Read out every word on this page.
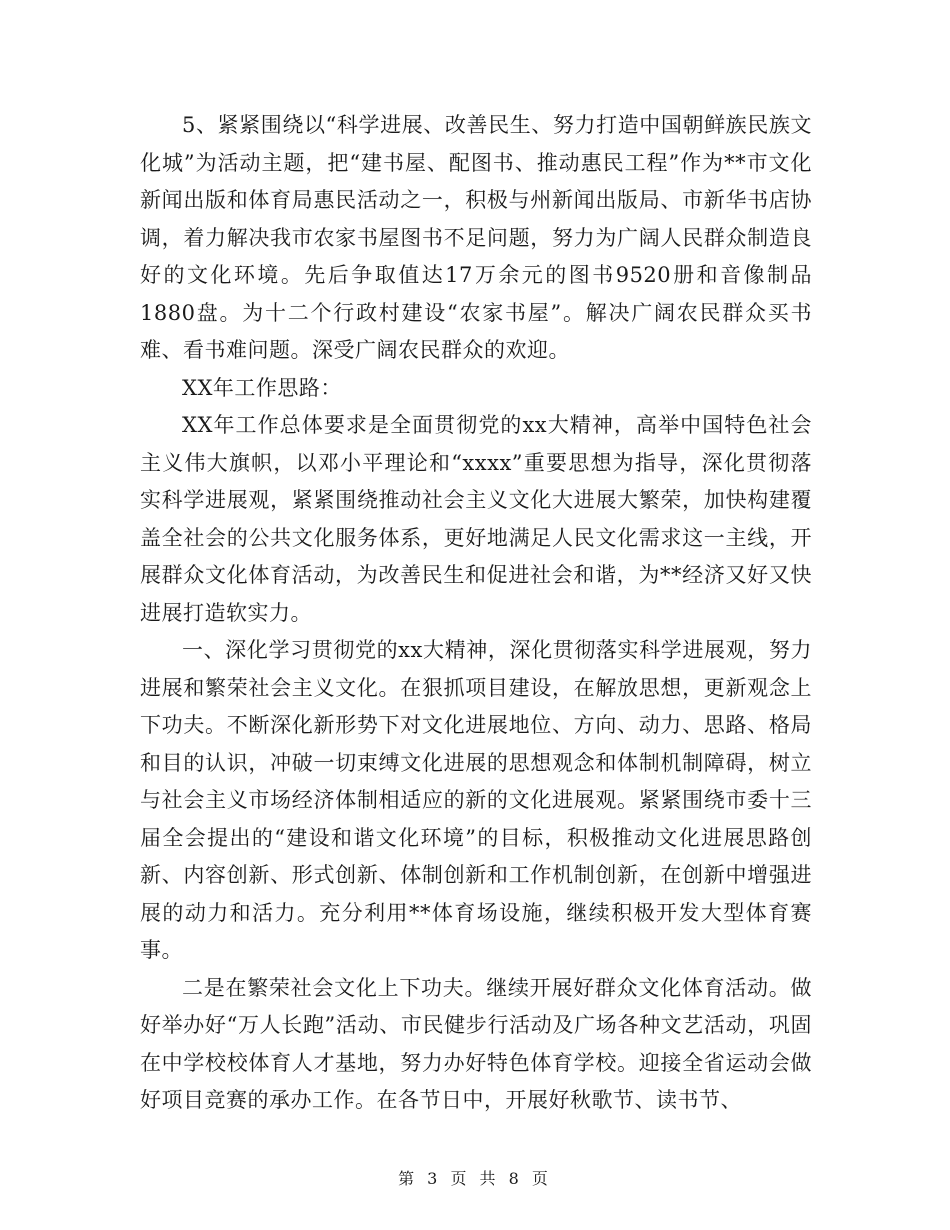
5、紧紧围绕以“科学进展、改善民生、努力打造中国朝鲜族民族文化城”为活动主题，把“建书屋、配图书、推动惠民工程”作为**市文化新闻出版和体育局惠民活动之一，积极与州新闻出版局、市新华书店协调，着力解决我市农家书屋图书不足问题，努力为广阔人民群众制造良好的文化环境。先后争取值达17万余元的图书9520册和音像制品1880盘。为十二个行政村建设“农家书屋”。解决广阔农民群众买书难、看书难问题。深受广阔农民群众的欢迎。

XX年工作思路：

XX年工作总体要求是全面贯彻党的xx大精神，高举中国特色社会主义伟大旗帜，以邓小平理论和“xxxx”重要思想为指导，深化贯彻落实科学进展观，紧紧围绕推动社会主义文化大进展大繁荣，加快构建覆盖全社会的公共文化服务体系，更好地满足人民文化需求这一主线，开展群众文化体育活动，为改善民生和促进社会和谐，为**经济又好又快进展打造软实力。

一、深化学习贯彻党的xx大精神，深化贯彻落实科学进展观，努力进展和繁荣社会主义文化。在狠抓项目建设，在解放思想，更新观念上下功夫。不断深化新形势下对文化进展地位、方向、动力、思路、格局和目的认识，冲破一切束缚文化进展的思想观念和体制机制障碍，树立与社会主义市场经济体制相适应的新的文化进展观。紧紧围绕市委十三届全会提出的“建设和谐文化环境”的目标，积极推动文化进展思路创新、内容创新、形式创新、体制创新和工作机制创新，在创新中增强进展的动力和活力。充分利用**体育场设施，继续积极开发大型体育赛事。

二是在繁荣社会文化上下功夫。继续开展好群众文化体育活动。做好举办好“万人长跑”活动、市民健步行活动及广场各种文艺活动，巩固在中学校校体育人才基地，努力办好特色体育学校。迎接全省运动会做好项目竞赛的承办工作。在各节日中，开展好秋歌节、读书节、

第 3 页 共 8 页
